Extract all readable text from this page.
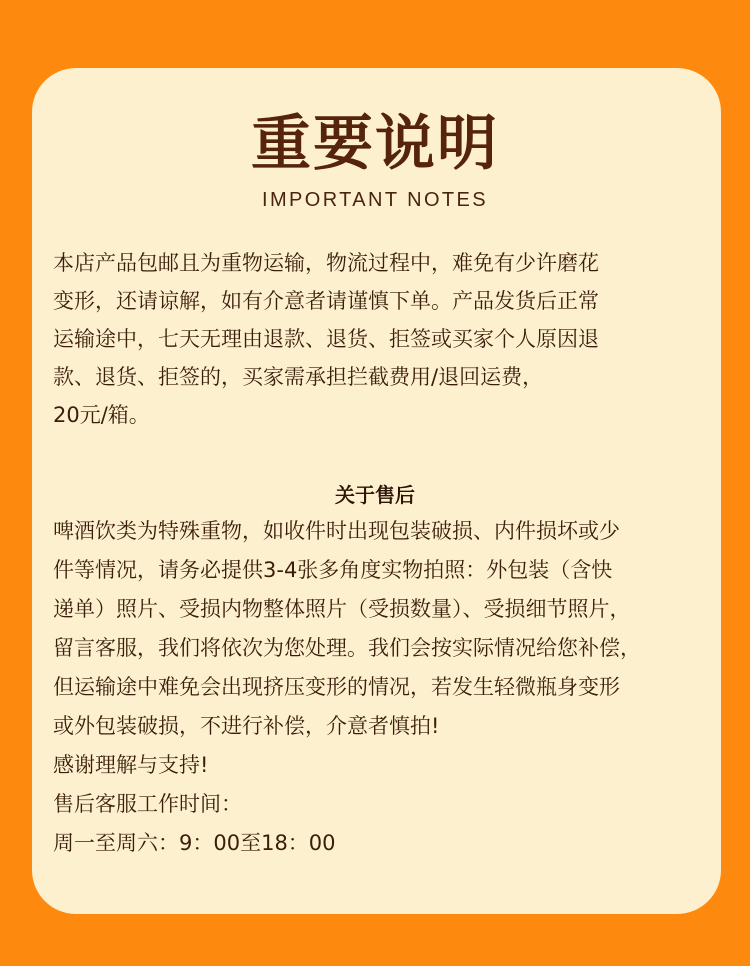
重要说明
IMPORTANT NOTES

本店产品包邮且为重物运输，物流过程中，难免有少许磨花

变形，还请谅解，如有介意者请谨慎下单。产品发货后正常

运输途中，七天无理由退款、退货、拒签或买家个人原因退

款、退货、拒签的，买家需承担拦截费用/退回运费，

20元/箱。

关于售后

啤酒饮类为特殊重物，如收件时出现包装破损、内件损坏或少

件等情况，请务必提供3-4张多角度实物拍照：外包装（含快

递单）照片、受损内物整体照片（受损数量）、受损细节照片，

留言客服，我们将依次为您处理。我们会按实际情况给您补偿，

但运输途中难免会出现挤压变形的情况，若发生轻微瓶身变形

或外包装破损，不进行补偿，介意者慎拍!

感谢理解与支持!

售后客服工作时间：

周一至周六：9：00至18：00
